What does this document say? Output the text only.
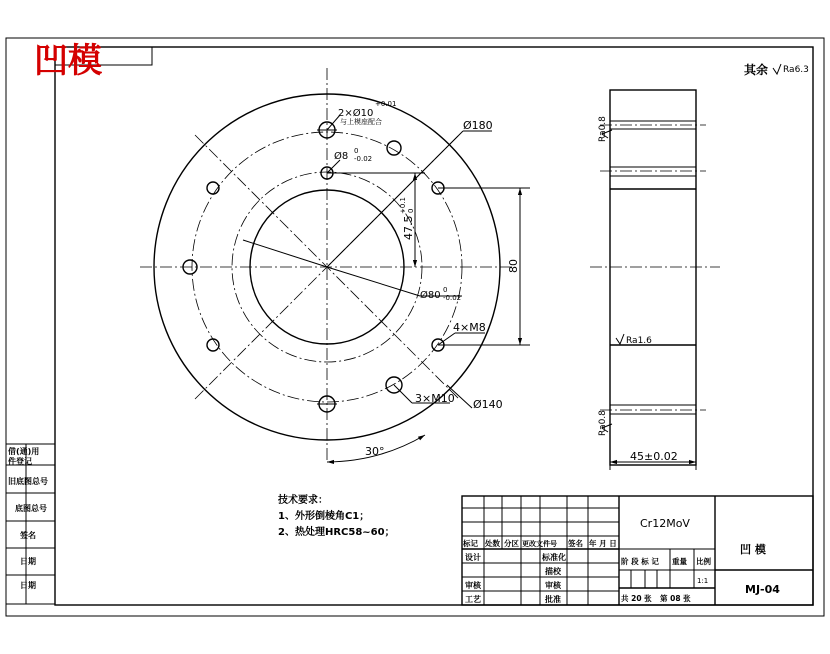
凹模	其余 Ra6.3
2×Ø10
+0.01
与上模座配合
Ø8 0
-0.02
Ø180
Ø80 0
-0.02
4×M8
3×M10 Ø140
30°
47.5
+0.1 0
80
45±0.02
Ra0.8
Ra1.6
Ra0.8
技术要求：
1、外形倒棱角C1；
2、热处理HRC58~60；
借(通)用
件登记
旧底图总号
底图总号
签名
日期
日期
标记 处数 分区 更改文件号 签名 年 月 日
设计
审核
工艺
标准化
描校
审核
批准
Cr12MoV
阶 段 标 记 重量 比例
1:1
共 20 张 第 08 张
凹 模
MJ-04
